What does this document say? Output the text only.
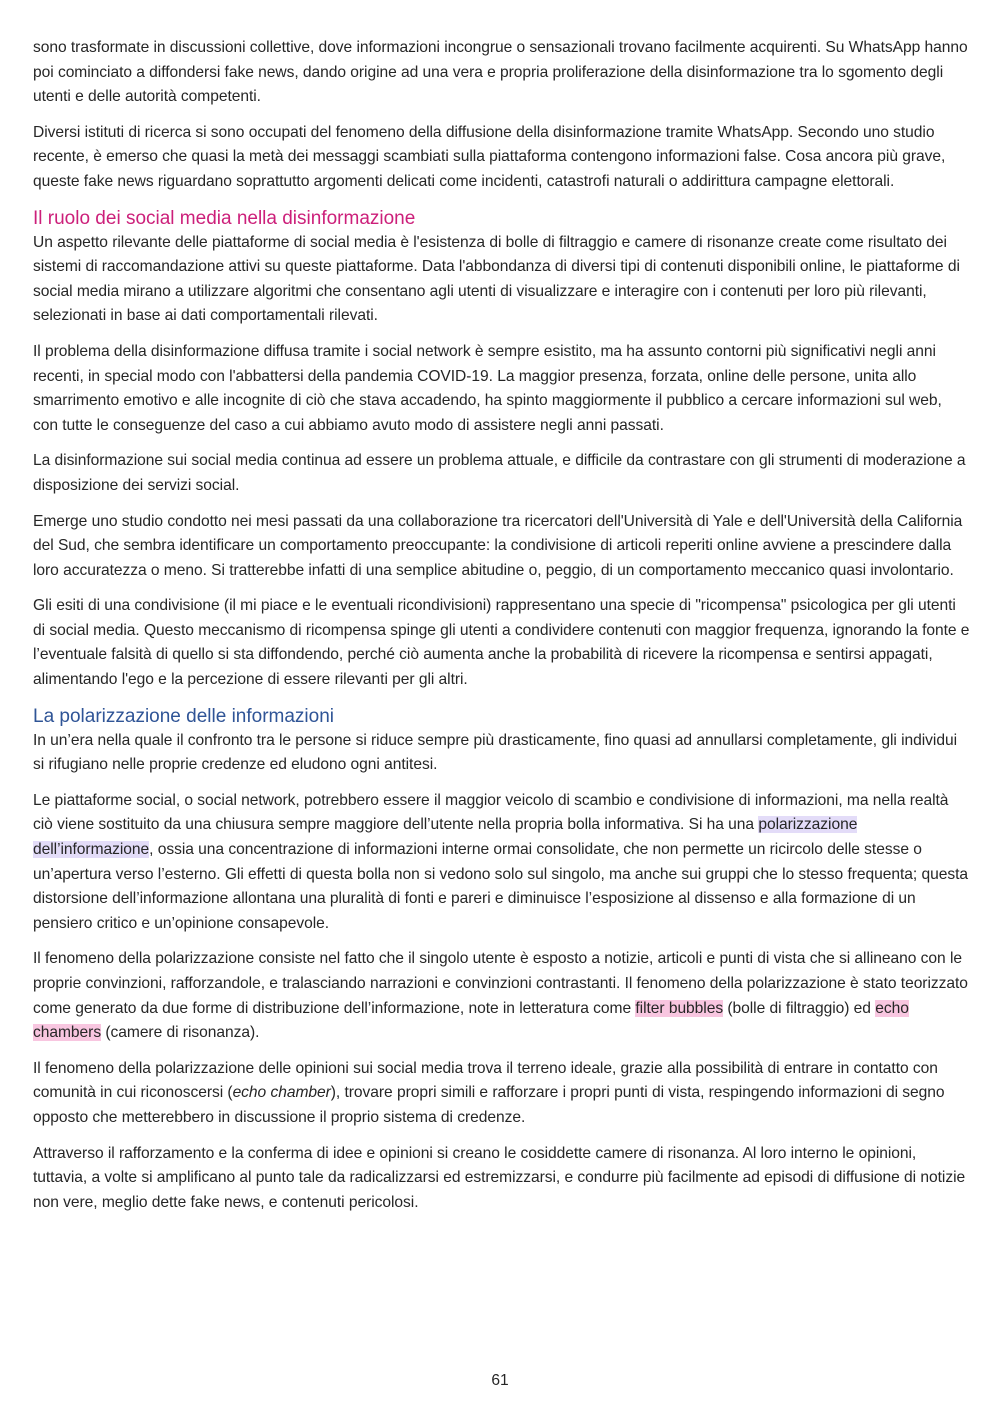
sono trasformate in discussioni collettive, dove informazioni incongrue o sensazionali trovano facilmente acquirenti. Su WhatsApp hanno poi cominciato a diffondersi fake news, dando origine ad una vera e propria proliferazione della disinformazione tra lo sgomento degli utenti e delle autorità competenti.

Diversi istituti di ricerca si sono occupati del fenomeno della diffusione della disinformazione tramite WhatsApp. Secondo uno studio recente, è emerso che quasi la metà dei messaggi scambiati sulla piattaforma contengono informazioni false. Cosa ancora più grave, queste fake news riguardano soprattutto argomenti delicati come incidenti, catastrofi naturali o addirittura campagne elettorali.

Il ruolo dei social media nella disinformazione

Un aspetto rilevante delle piattaforme di social media è l'esistenza di bolle di filtraggio e camere di risonanze create come risultato dei sistemi di raccomandazione attivi su queste piattaforme. Data l'abbondanza di diversi tipi di contenuti disponibili online, le piattaforme di social media mirano a utilizzare algoritmi che consentano agli utenti di visualizzare e interagire con i contenuti per loro più rilevanti, selezionati in base ai dati comportamentali rilevati.

Il problema della disinformazione diffusa tramite i social network è sempre esistito, ma ha assunto contorni più significativi negli anni recenti, in special modo con l'abbattersi della pandemia COVID-19. La maggior presenza, forzata, online delle persone, unita allo smarrimento emotivo e alle incognite di ciò che stava accadendo, ha spinto maggiormente il pubblico a cercare informazioni sul web, con tutte le conseguenze del caso a cui abbiamo avuto modo di assistere negli anni passati.

La disinformazione sui social media continua ad essere un problema attuale, e difficile da contrastare con gli strumenti di moderazione a disposizione dei servizi social.

Emerge uno studio condotto nei mesi passati da una collaborazione tra ricercatori dell'Università di Yale e dell'Università della California del Sud, che sembra identificare un comportamento preoccupante: la condivisione di articoli reperiti online avviene a prescindere dalla loro accuratezza o meno. Si tratterebbe infatti di una semplice abitudine o, peggio, di un comportamento meccanico quasi involontario.

Gli esiti di una condivisione (il mi piace e le eventuali ricondivisioni) rappresentano una specie di "ricompensa" psicologica per gli utenti di social media. Questo meccanismo di ricompensa spinge gli utenti a condividere contenuti con maggior frequenza, ignorando la fonte e l’eventuale falsità di quello si sta diffondendo, perché ciò aumenta anche la probabilità di ricevere la ricompensa e sentirsi appagati, alimentando l'ego e la percezione di essere rilevanti per gli altri.

La polarizzazione delle informazioni

In un’era nella quale il confronto tra le persone si riduce sempre più drasticamente, fino quasi ad annullarsi completamente, gli individui si rifugiano nelle proprie credenze ed eludono ogni antitesi.

Le piattaforme social, o social network, potrebbero essere il maggior veicolo di scambio e condivisione di informazioni, ma nella realtà ciò viene sostituito da una chiusura sempre maggiore dell’utente nella propria bolla informativa. Si ha una polarizzazione dell’informazione, ossia una concentrazione di informazioni interne ormai consolidate, che non permette un ricircolo delle stesse o un’apertura verso l’esterno. Gli effetti di questa bolla non si vedono solo sul singolo, ma anche sui gruppi che lo stesso frequenta; questa distorsione dell’informazione allontana una pluralità di fonti e pareri e diminuisce l’esposizione al dissenso e alla formazione di un pensiero critico e un’opinione consapevole.

Il fenomeno della polarizzazione consiste nel fatto che il singolo utente è esposto a notizie, articoli e punti di vista che si allineano con le proprie convinzioni, rafforzandole, e tralasciando narrazioni e convinzioni contrastanti. Il fenomeno della polarizzazione è stato teorizzato come generato da due forme di distribuzione dell’informazione, note in letteratura come filter bubbles (bolle di filtraggio) ed echo chambers (camere di risonanza).

Il fenomeno della polarizzazione delle opinioni sui social media trova il terreno ideale, grazie alla possibilità di entrare in contatto con comunità in cui riconoscersi (echo chamber), trovare propri simili e rafforzare i propri punti di vista, respingendo informazioni di segno opposto che metterebbero in discussione il proprio sistema di credenze.

Attraverso il rafforzamento e la conferma di idee e opinioni si creano le cosiddette camere di risonanza. Al loro interno le opinioni, tuttavia, a volte si amplificano al punto tale da radicalizzarsi ed estremizzarsi, e condurre più facilmente ad episodi di diffusione di notizie non vere, meglio dette fake news, e contenuti pericolosi.

61
